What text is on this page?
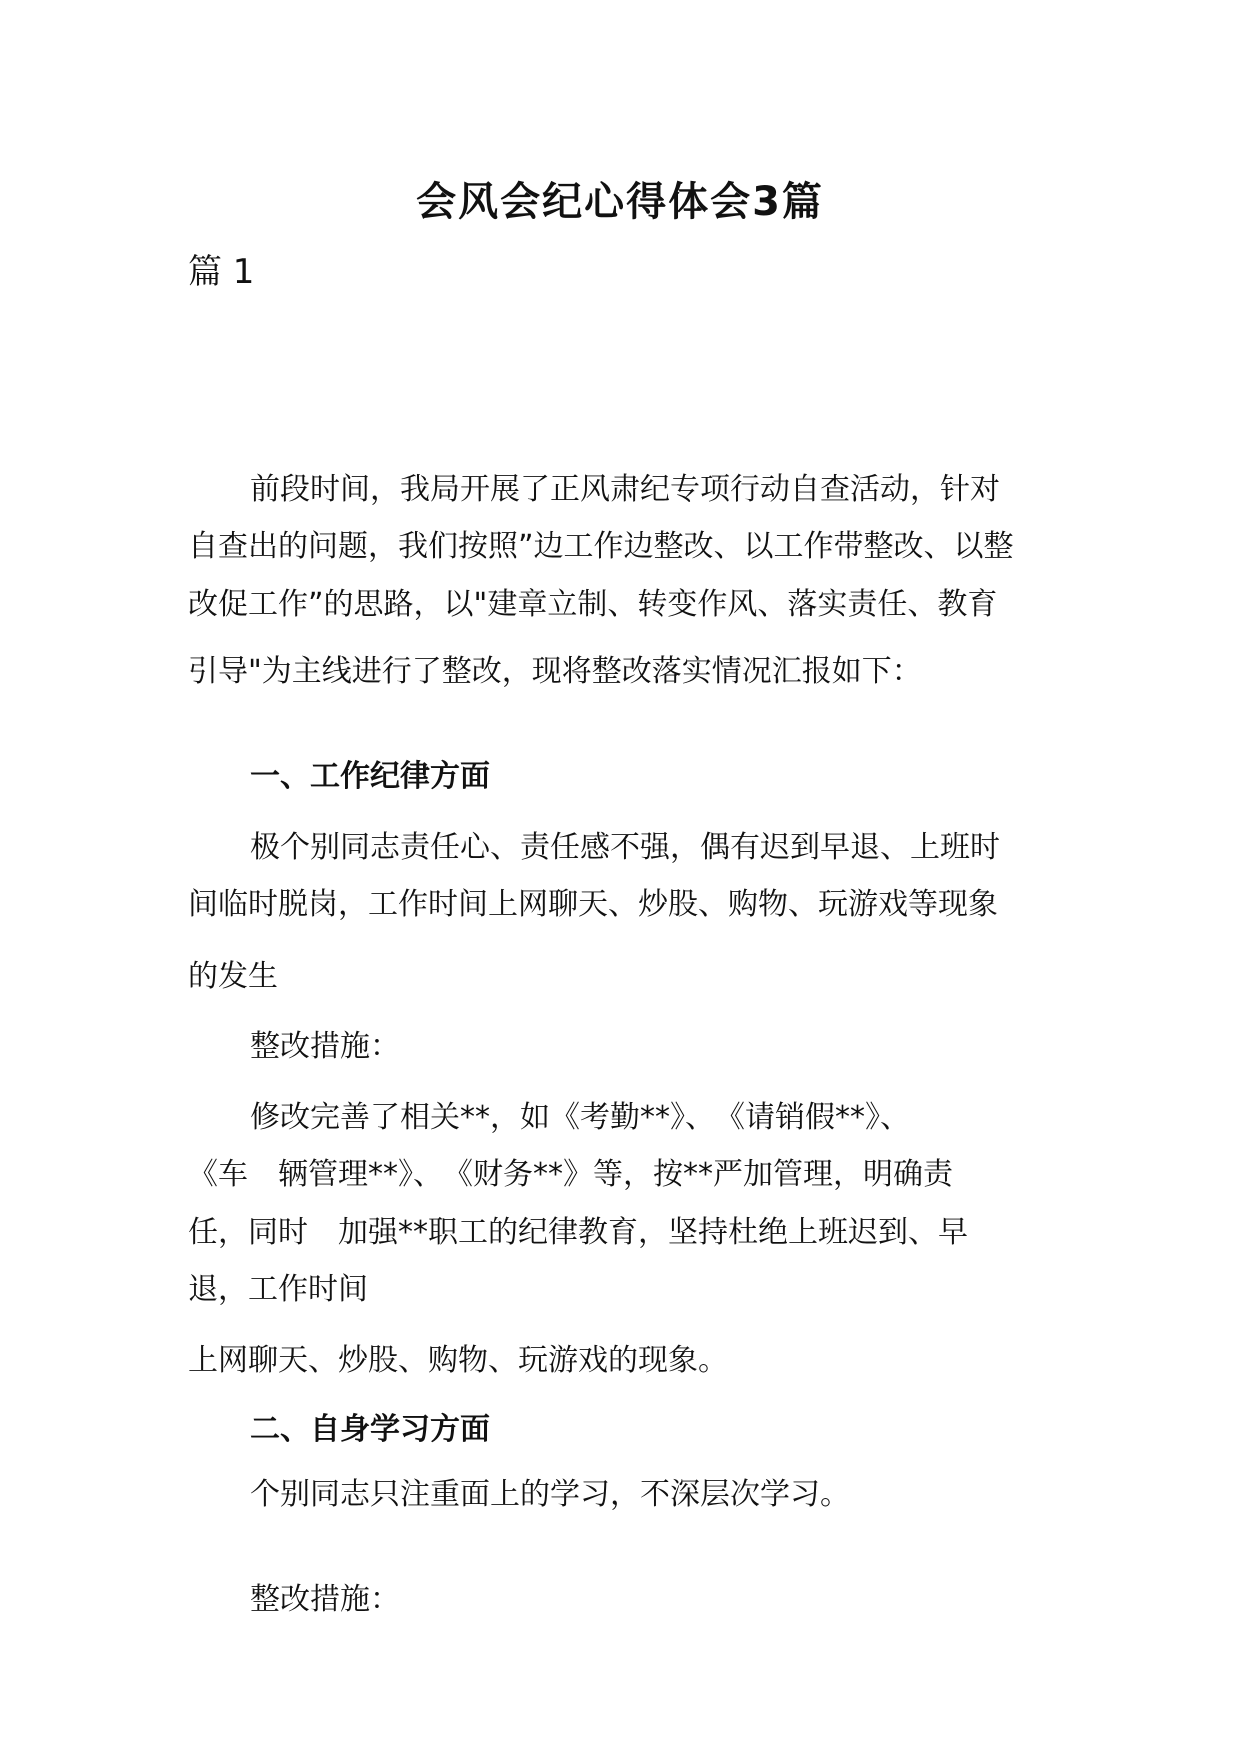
会风会纪心得体会3篇
篇 1
前段时间，我局开展了正风肃纪专项行动自查活动，针对
自查出的问题，我们按照”边工作边整改、以工作带整改、以整
改促工作”的思路，以"建章立制、转变作风、落实责任、教育
引导"为主线进行了整改，现将整改落实情况汇报如下：
一、工作纪律方面
极个别同志责任心、责任感不强，偶有迟到早退、上班时
间临时脱岗，工作时间上网聊天、炒股、购物、玩游戏等现象
的发生
整改措施：
修改完善了相关**，如《考勤**》、　《请销假**》、
《车　辆管理**》、　《财务**》等，按**严加管理，明确责
任，同时　加强**职工的纪律教育，坚持杜绝上班迟到、早
退，工作时间
上网聊天、炒股、购物、玩游戏的现象。
二、自身学习方面
个别同志只注重面上的学习，不深层次学习。
整改措施：
